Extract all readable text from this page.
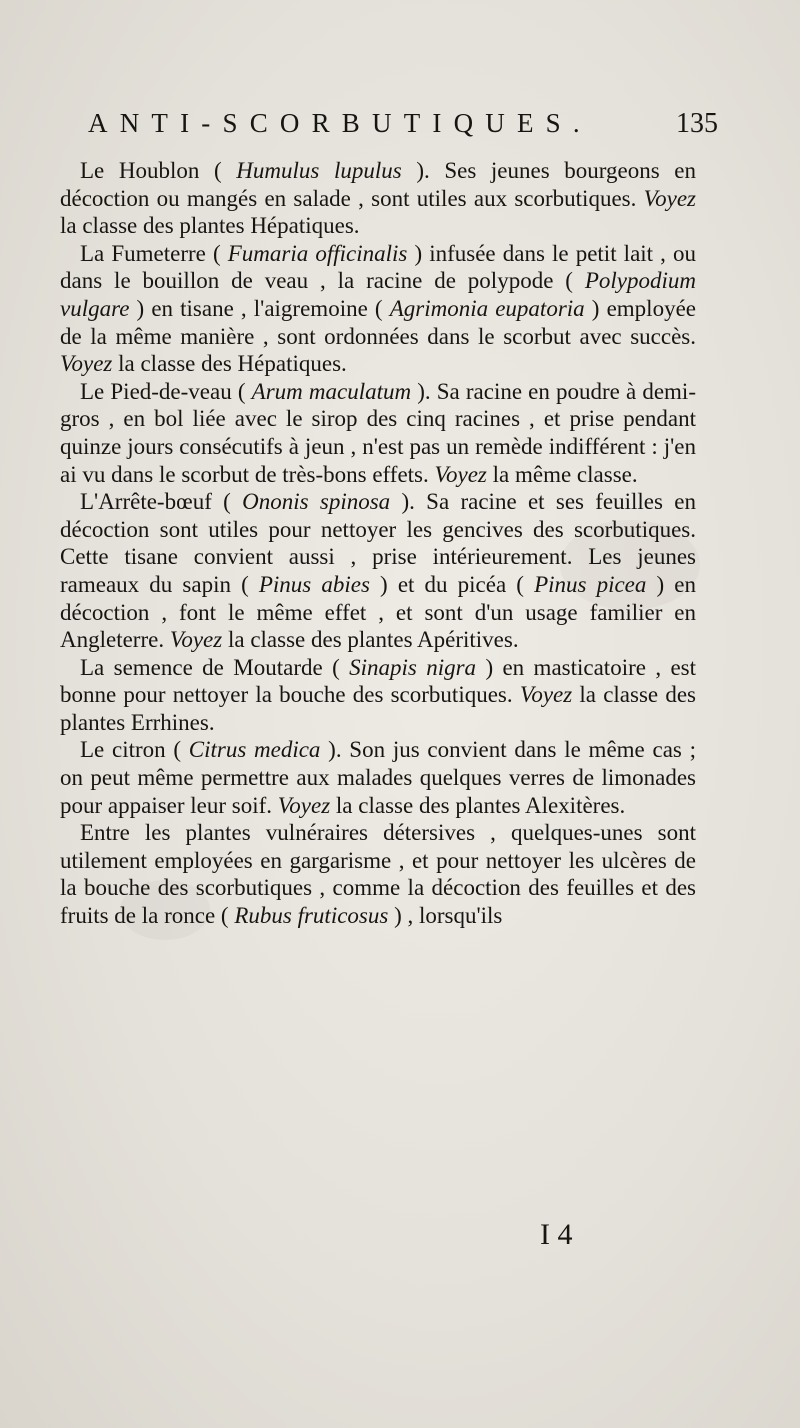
ANTI-SCORBUTIQUES.	135

Le Houblon ( Humulus lupulus ). Ses jeunes bourgeons en décoction ou mangés en salade , sont utiles aux scorbutiques. Voyez la classe des plantes Hépatiques.

La Fumeterre ( Fumaria officinalis ) infusée dans le petit lait , ou dans le bouillon de veau , la racine de polypode ( Polypodium vulgare ) en tisane , l'aigremoine ( Agrimonia eupatoria ) employée de la même manière , sont ordonnées dans le scorbut avec succès. Voyez la classe des Hépatiques.

Le Pied-de-veau ( Arum maculatum ). Sa racine en poudre à demi-gros , en bol liée avec le sirop des cinq racines , et prise pendant quinze jours consécutifs à jeun , n'est pas un remède indifférent : j'en ai vu dans le scorbut de très-bons effets. Voyez la même classe.

L'Arrête-bœuf ( Ononis spinosa ). Sa racine et ses feuilles en décoction sont utiles pour nettoyer les gencives des scorbutiques. Cette tisane convient aussi , prise intérieurement. Les jeunes rameaux du sapin ( Pinus abies ) et du picéa ( Pinus picea ) en décoction , font le même effet , et sont d'un usage familier en Angleterre. Voyez la classe des plantes Apéritives.

La semence de Moutarde ( Sinapis nigra ) en masticatoire , est bonne pour nettoyer la bouche des scorbutiques. Voyez la classe des plantes Errhines.

Le citron ( Citrus medica ). Son jus convient dans le même cas ; on peut même permettre aux malades quelques verres de limonades pour appaiser leur soif. Voyez la classe des plantes Alexitères.

Entre les plantes vulnéraires détersives , quelques-unes sont utilement employées en gargarisme , et pour nettoyer les ulcères de la bouche des scorbutiques , comme la décoction des feuilles et des fruits de la ronce ( Rubus fruticosus ) , lorsqu'ils

I 4
